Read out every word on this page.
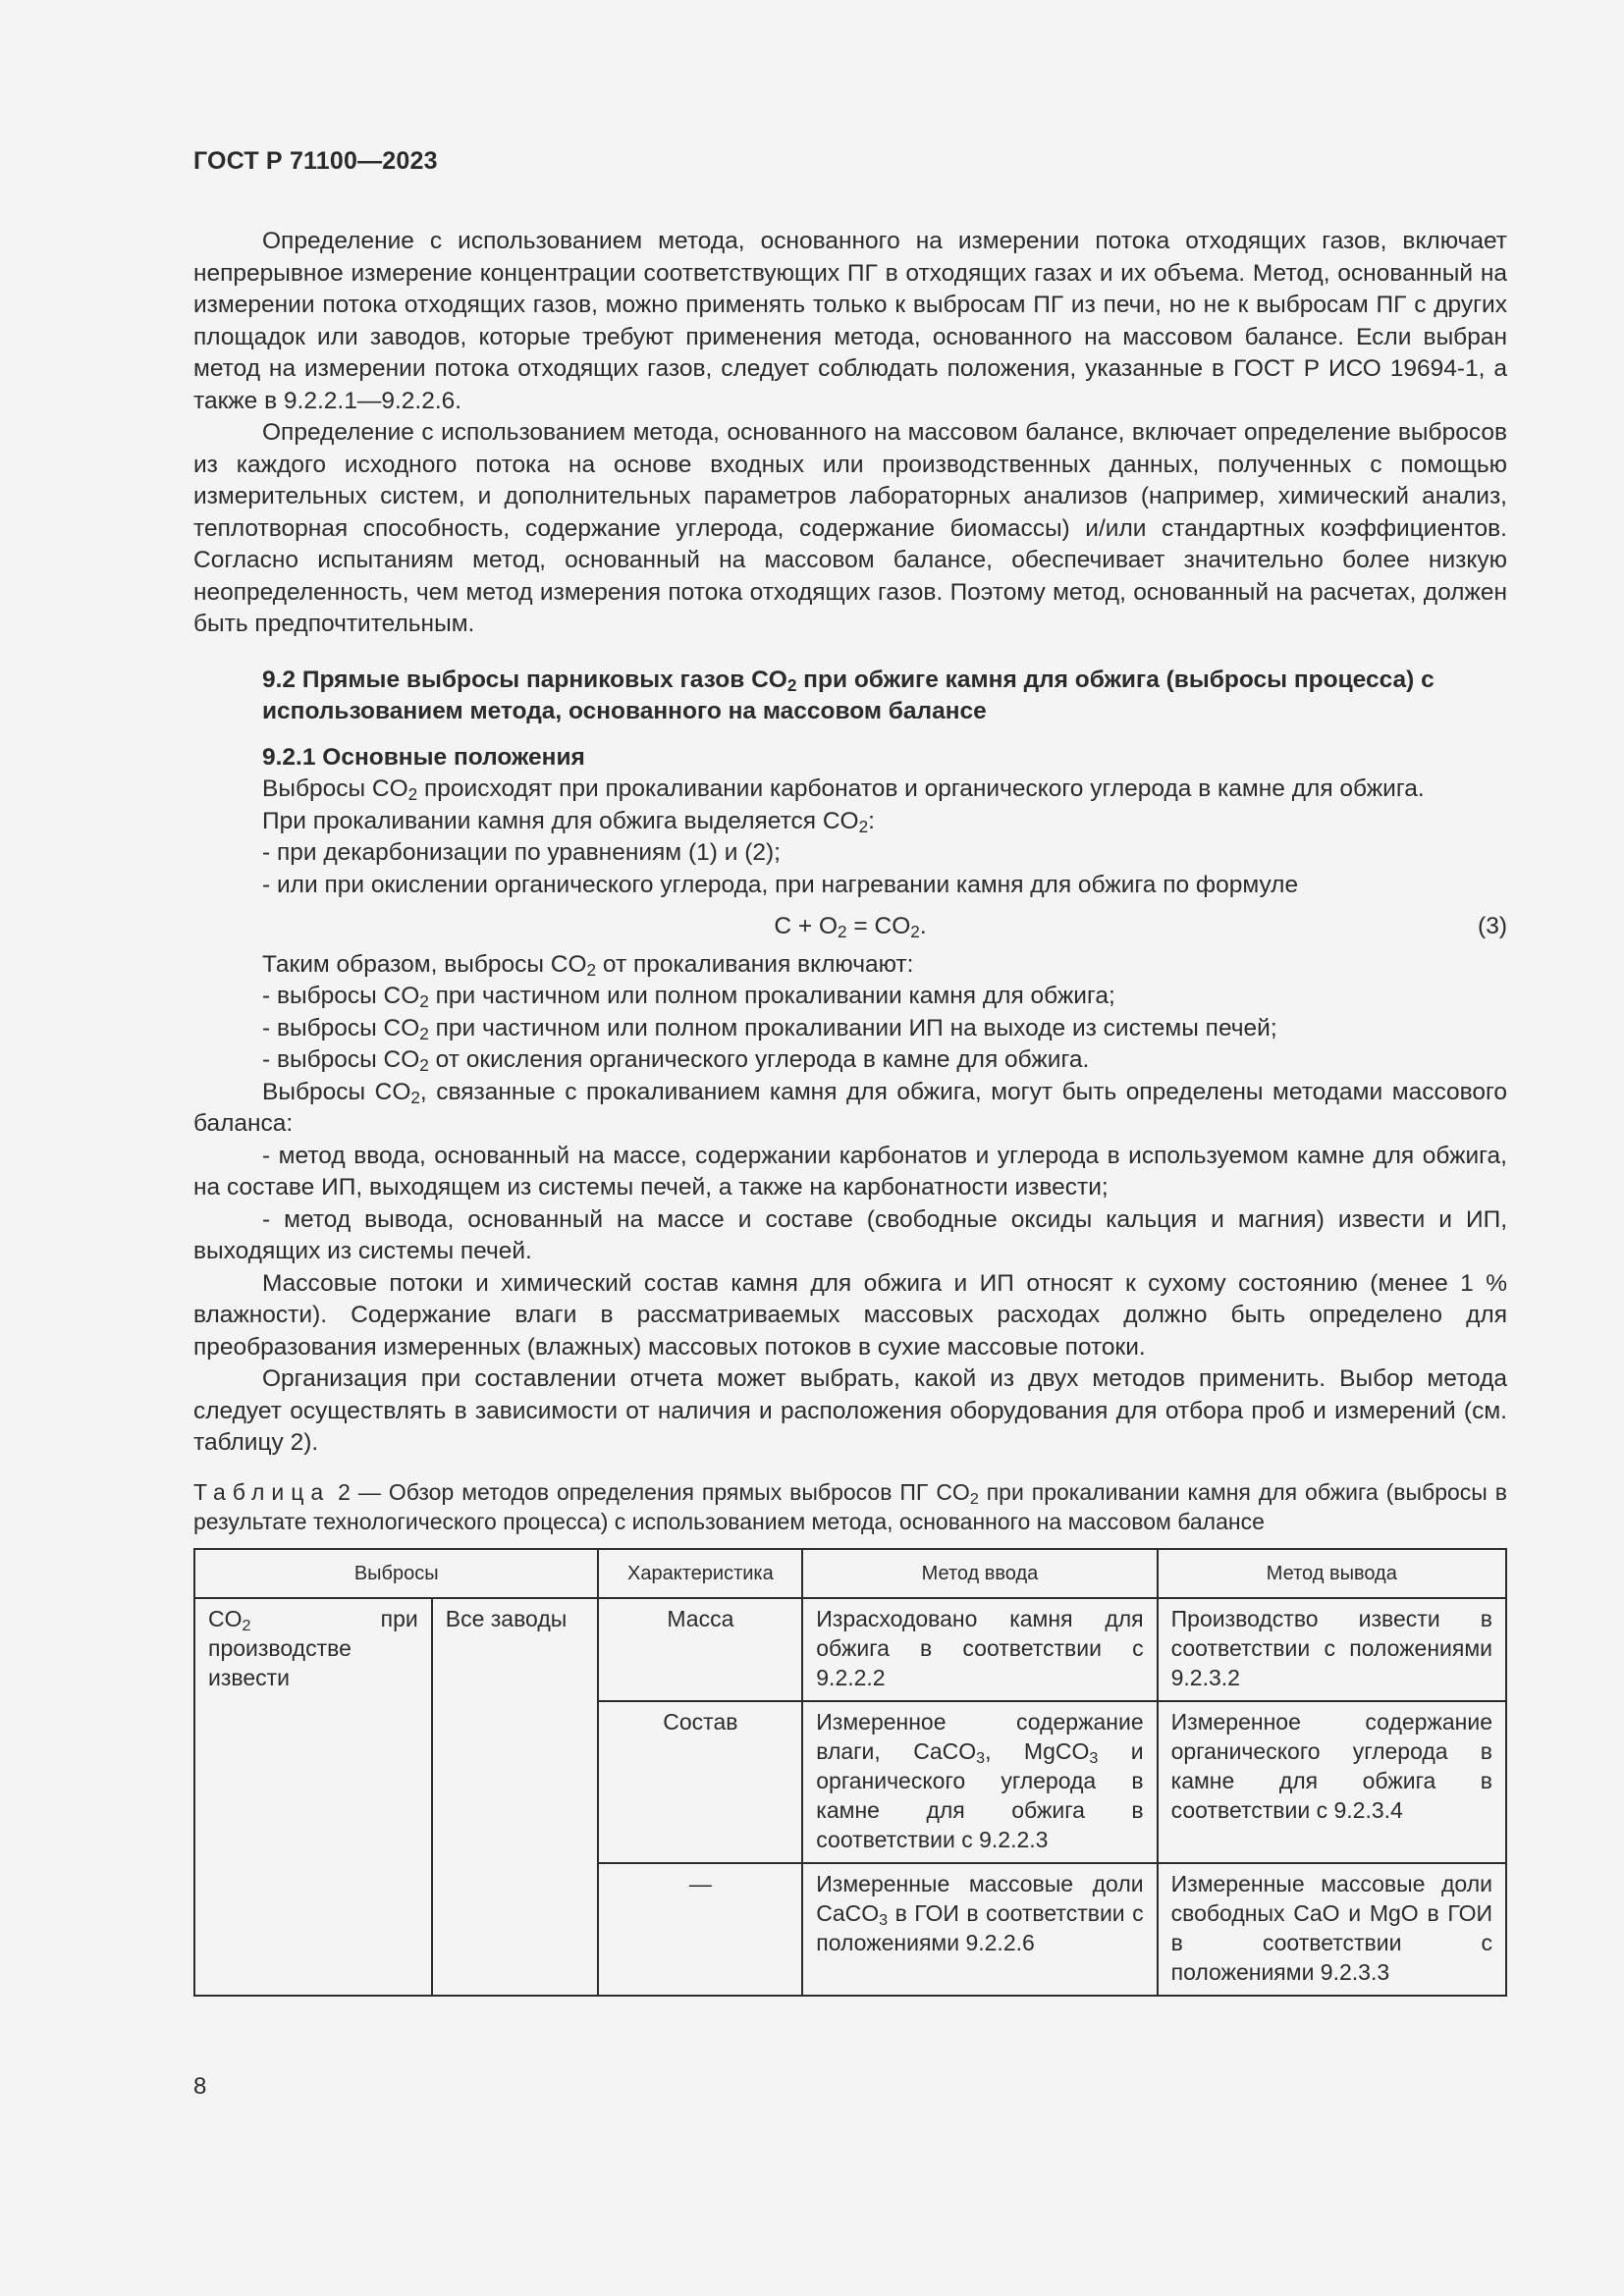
ГОСТ Р 71100—2023

Определение с использованием метода, основанного на измерении потока отходящих газов, включает непрерывное измерение концентрации соответствующих ПГ в отходящих газах и их объема. Метод, основанный на измерении потока отходящих газов, можно применять только к выбросам ПГ из печи, но не к выбросам ПГ с других площадок или заводов, которые требуют применения метода, основанного на массовом балансе. Если выбран метод на измерении потока отходящих газов, следует соблюдать положения, указанные в ГОСТ Р ИСО 19694-1, а также в 9.2.2.1—9.2.2.6.

Определение с использованием метода, основанного на массовом балансе, включает определение выбросов из каждого исходного потока на основе входных или производственных данных, полученных с помощью измерительных систем, и дополнительных параметров лабораторных анализов (например, химический анализ, теплотворная способность, содержание углерода, содержание биомассы) и/или стандартных коэффициентов. Согласно испытаниям метод, основанный на массовом балансе, обеспечивает значительно более низкую неопределенность, чем метод измерения потока отходящих газов. Поэтому метод, основанный на расчетах, должен быть предпочтительным.

9.2 Прямые выбросы парниковых газов $CO_2$ при обжиге камня для обжига (выбросы процесса) с использованием метода, основанного на массовом балансе

9.2.1 Основные положения

Выбросы $CO_2$ происходят при прокаливании карбонатов и органического углерода в камне для обжига.

При прокаливании камня для обжига выделяется $CO_2$:

- при декарбонизации по уравнениям (1) и (2);

- или при окислении органического углерода, при нагревании камня для обжига по формуле

$C + O_2 = CO_2$.	(3)

Таким образом, выбросы $CO_2$ от прокаливания включают:

- выбросы $CO_2$ при частичном или полном прокаливании камня для обжига;

- выбросы $CO_2$ при частичном или полном прокаливании ИП на выходе из системы печей;

- выбросы $CO_2$ от окисления органического углерода в камне для обжига.

Выбросы $CO_2$, связанные с прокаливанием камня для обжига, могут быть определены методами массового баланса:

- метод ввода, основанный на массе, содержании карбонатов и углерода в используемом камне для обжига, на составе ИП, выходящем из системы печей, а также на карбонатности извести;

- метод вывода, основанный на массе и составе (свободные оксиды кальция и магния) извести и ИП, выходящих из системы печей.

Массовые потоки и химический состав камня для обжига и ИП относят к сухому состоянию (менее 1 % влажности). Содержание влаги в рассматриваемых массовых расходах должно быть определено для преобразования измеренных (влажных) массовых потоков в сухие массовые потоки.

Организация при составлении отчета может выбрать, какой из двух методов применить. Выбор метода следует осуществлять в зависимости от наличия и расположения оборудования для отбора проб и измерений (см. таблицу 2).

Таблица 2 — Обзор методов определения прямых выбросов ПГ $CO_2$ при прокаливании камня для обжига (выбросы в результате технологического процесса) с использованием метода, основанного на массовом балансе

Выбросы		Характеристика	Метод ввода	Метод вывода
$CO_2$ при производстве извести	Все заводы	Масса	Израсходовано камня для обжига в соответствии с 9.2.2.2	Производство извести в соответствии с положениями 9.2.3.2
		Состав	Измеренное содержание влаги, CaCO$_3$, MgCO$_3$ и органического углерода в камне для обжига в соответствии с 9.2.2.3	Измеренное содержание органического углерода в камне для обжига в соответствии с 9.2.3.4
		—	Измеренные массовые доли CaCO$_3$ в ГОИ в соответствии с положениями 9.2.2.6	Измеренные массовые доли свободных CaO и MgO в ГОИ в соответствии с положениями 9.2.3.3
8
